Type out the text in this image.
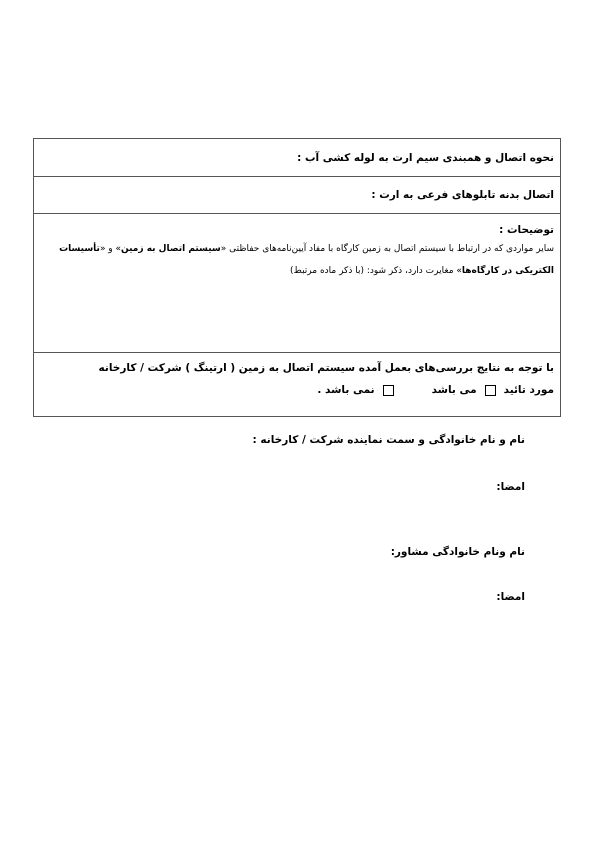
نحوه اتصال و همبندی سیم ارت به لوله کشی آب :
اتصال بدنه تابلوهای فرعی به ارت :
توضیحات :
سایر مواردی که در ارتباط با سیستم اتصال به زمین کارگاه با مفاد آیین‌نامه‌های حفاظتی «سیستم اتصال به زمین» و «تأسیسات الکتریکی در کارگاه‌ها» مغایرت دارد، ذکر شود: (با ذکر ماده مرتبط)
با توجه به نتایج بررسی‌های بعمل آمده سیستم اتصال به زمین ( ارتینگ ) شرکت / کارخانه
مورد تائید
می باشد
نمی باشد .
نام و نام خانوادگی و سمت نماینده شرکت / کارخانه :
امضا:
نام ونام خانوادگی مشاور:
امضا:
